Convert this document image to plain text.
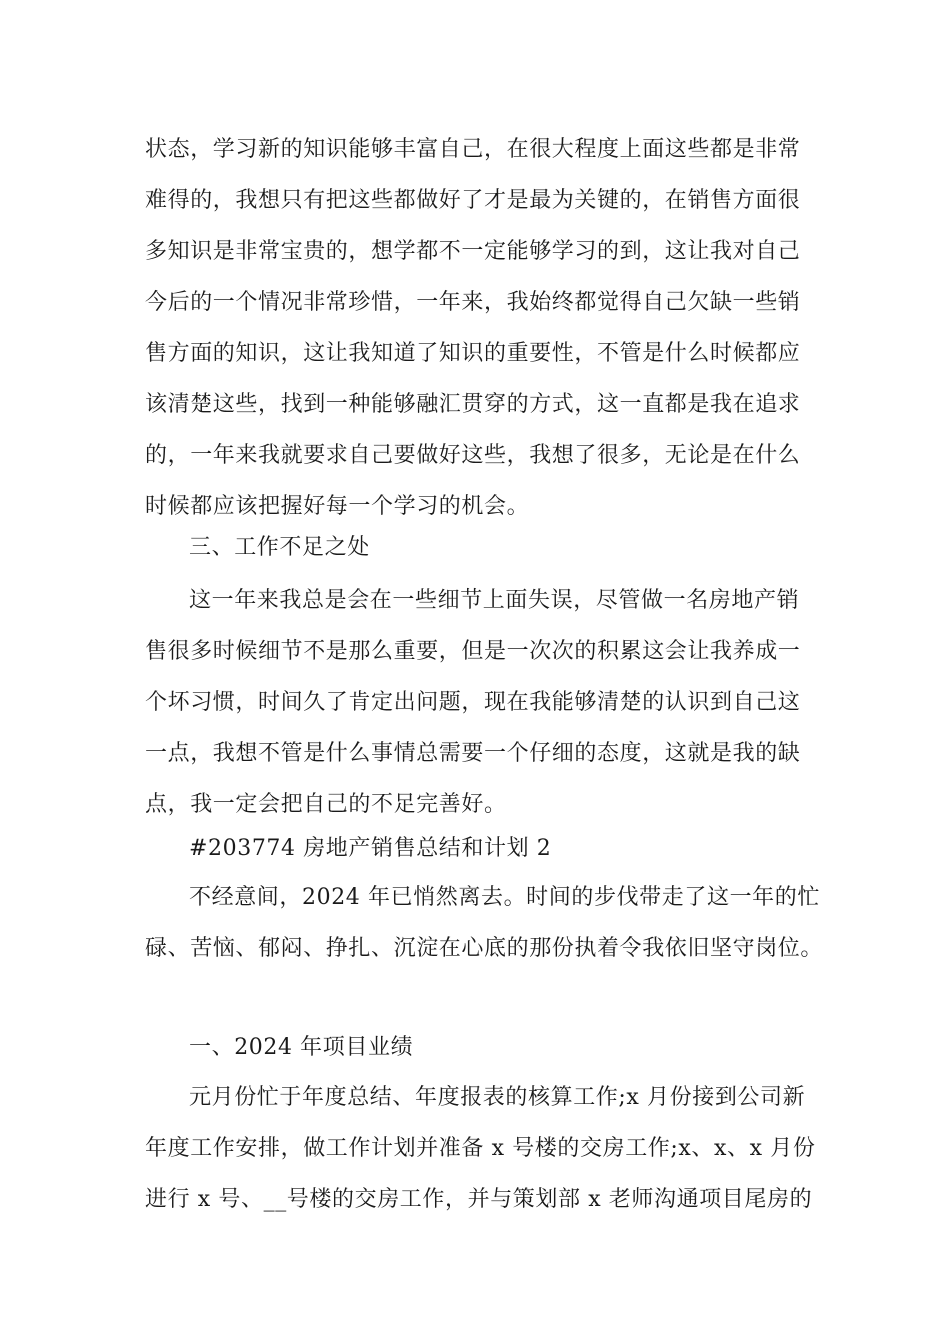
状态，学习新的知识能够丰富自己，在很大程度上面这些都是非常
难得的，我想只有把这些都做好了才是最为关键的，在销售方面很
多知识是非常宝贵的，想学都不一定能够学习的到，这让我对自己
今后的一个情况非常珍惜，一年来，我始终都觉得自己欠缺一些销
售方面的知识，这让我知道了知识的重要性，不管是什么时候都应
该清楚这些，找到一种能够融汇贯穿的方式，这一直都是我在追求
的，一年来我就要求自己要做好这些，我想了很多，无论是在什么
时候都应该把握好每一个学习的机会。
三、工作不足之处
这一年来我总是会在一些细节上面失误，尽管做一名房地产销
售很多时候细节不是那么重要，但是一次次的积累这会让我养成一
个坏习惯，时间久了肯定出问题，现在我能够清楚的认识到自己这
一点，我想不管是什么事情总需要一个仔细的态度，这就是我的缺
点，我一定会把自己的不足完善好。
#203774 房地产销售总结和计划 2
不经意间，2024 年已悄然离去。时间的步伐带走了这一年的忙
碌、苦恼、郁闷、挣扎、沉淀在心底的那份执着令我依旧坚守岗位。
一、2024 年项目业绩
元月份忙于年度总结、年度报表的核算工作;x 月份接到公司新
年度工作安排，做工作计划并准备 x 号楼的交房工作;x、x、x 月份
进行 x 号、__号楼的交房工作，并与策划部 x 老师沟通项目尾房的
